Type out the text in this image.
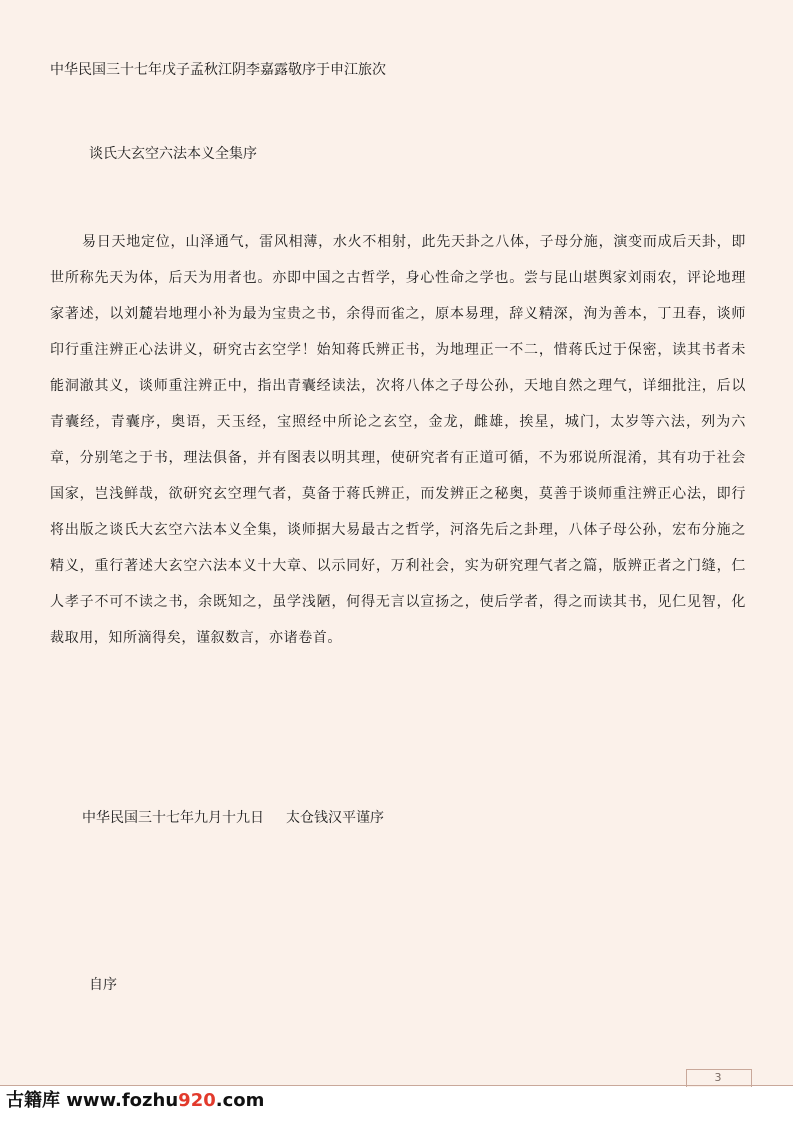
中华民国三十七年戊子孟秋江阴李嘉露敬序于申江旅次
谈氏大玄空六法本义全集序
易日天地定位，山泽通气，雷风相薄，水火不相射，此先天卦之八体，子母分施，演变而成后天卦，即世所称先天为体，后天为用者也。亦即中国之古哲学，身心性命之学也。尝与昆山堪舆家刘雨农，评论地理家著述，以刘麓岩地理小补为最为宝贵之书，余得而雀之，原本易理，辞义精深，洵为善本，丁丑春，谈师印行重注辨正心法讲义，研究古玄空学！始知蒋氏辨正书，为地理正一不二，惜蒋氏过于保密，读其书者未能洞澈其义，谈师重注辨正中，指出青囊经读法，次将八体之子母公孙，天地自然之理气，详细批注，后以青囊经，青囊序，奥语，天玉经，宝照经中所论之玄空，金龙，雌雄，挨星，城门，太岁等六法，列为六章，分别笔之于书，理法俱备，并有图表以明其理，使研究者有正道可循，不为邪说所混淆，其有功于社会国家，岂浅鲜哉，欲研究玄空理气者，莫备于蒋氏辨正，而发辨正之秘奥，莫善于谈师重注辨正心法，即行将出版之谈氏大玄空六法本义全集，谈师据大易最古之哲学，河洛先后之卦理，八体子母公孙，宏布分施之精义，重行著述大玄空六法本义十大章、以示同好，万利社会，实为研究理气者之篇，版辨正者之门缝，仁人孝子不可不读之书，余既知之，虽学浅陋，何得无言以宣扬之，使后学者，得之而读其书，见仁见智，化裁取用，知所滴得矣，谨叙数言，亦诸卷首。
中华民国三十七年九月十九日 太仓钱汉平谨序
自序
3
古籍库 www.fozhu920.com
